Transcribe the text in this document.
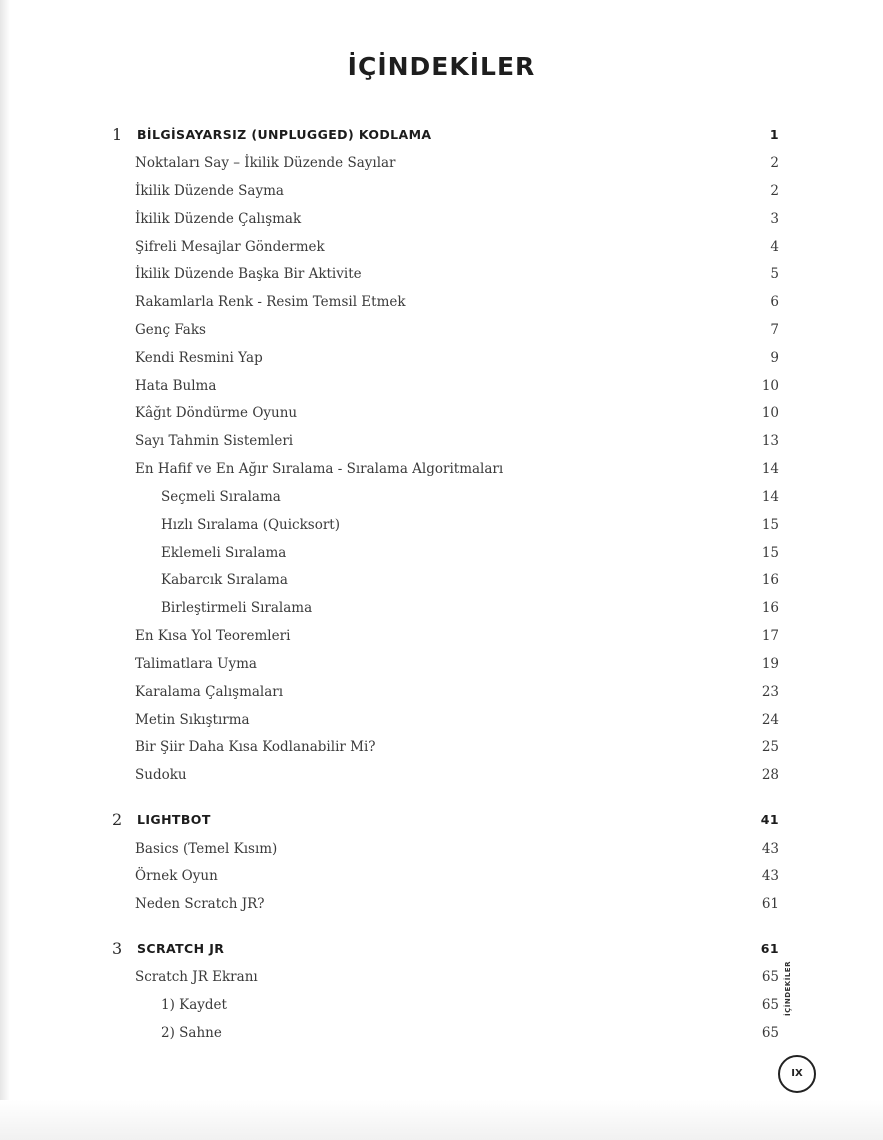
İÇİNDEKİLER
1 BİLGİSAYARSIZ (UNPLUGGED) KODLAMA	1
Noktaları Say – İkilik Düzende Sayılar	2
İkilik Düzende Sayma	2
İkilik Düzende Çalışmak	3
Şifreli Mesajlar Göndermek	4
İkilik Düzende Başka Bir Aktivite	5
Rakamlarla Renk - Resim Temsil Etmek	6
Genç Faks	7
Kendi Resmini Yap	9
Hata Bulma	10
Kâğıt Döndürme Oyunu	10
Sayı Tahmin Sistemleri	13
En Hafif ve En Ağır Sıralama - Sıralama Algoritmaları	14
Seçmeli Sıralama	14
Hızlı Sıralama (Quicksort)	15
Eklemeli Sıralama	15
Kabarcık Sıralama	16
Birleştirmeli Sıralama	16
En Kısa Yol Teoremleri	17
Talimatlara Uyma	19
Karalama Çalışmaları	23
Metin Sıkıştırma	24
Bir Şiir Daha Kısa Kodlanabilir Mi?	25
Sudoku	28
2 LIGHTBOT	41
Basics (Temel Kısım)	43
Örnek Oyun	43
Neden Scratch JR?	61
3 SCRATCH JR	61
Scratch JR Ekranı	65
1) Kaydet	65
2) Sahne	65
İÇİNDEKİLER
IX
